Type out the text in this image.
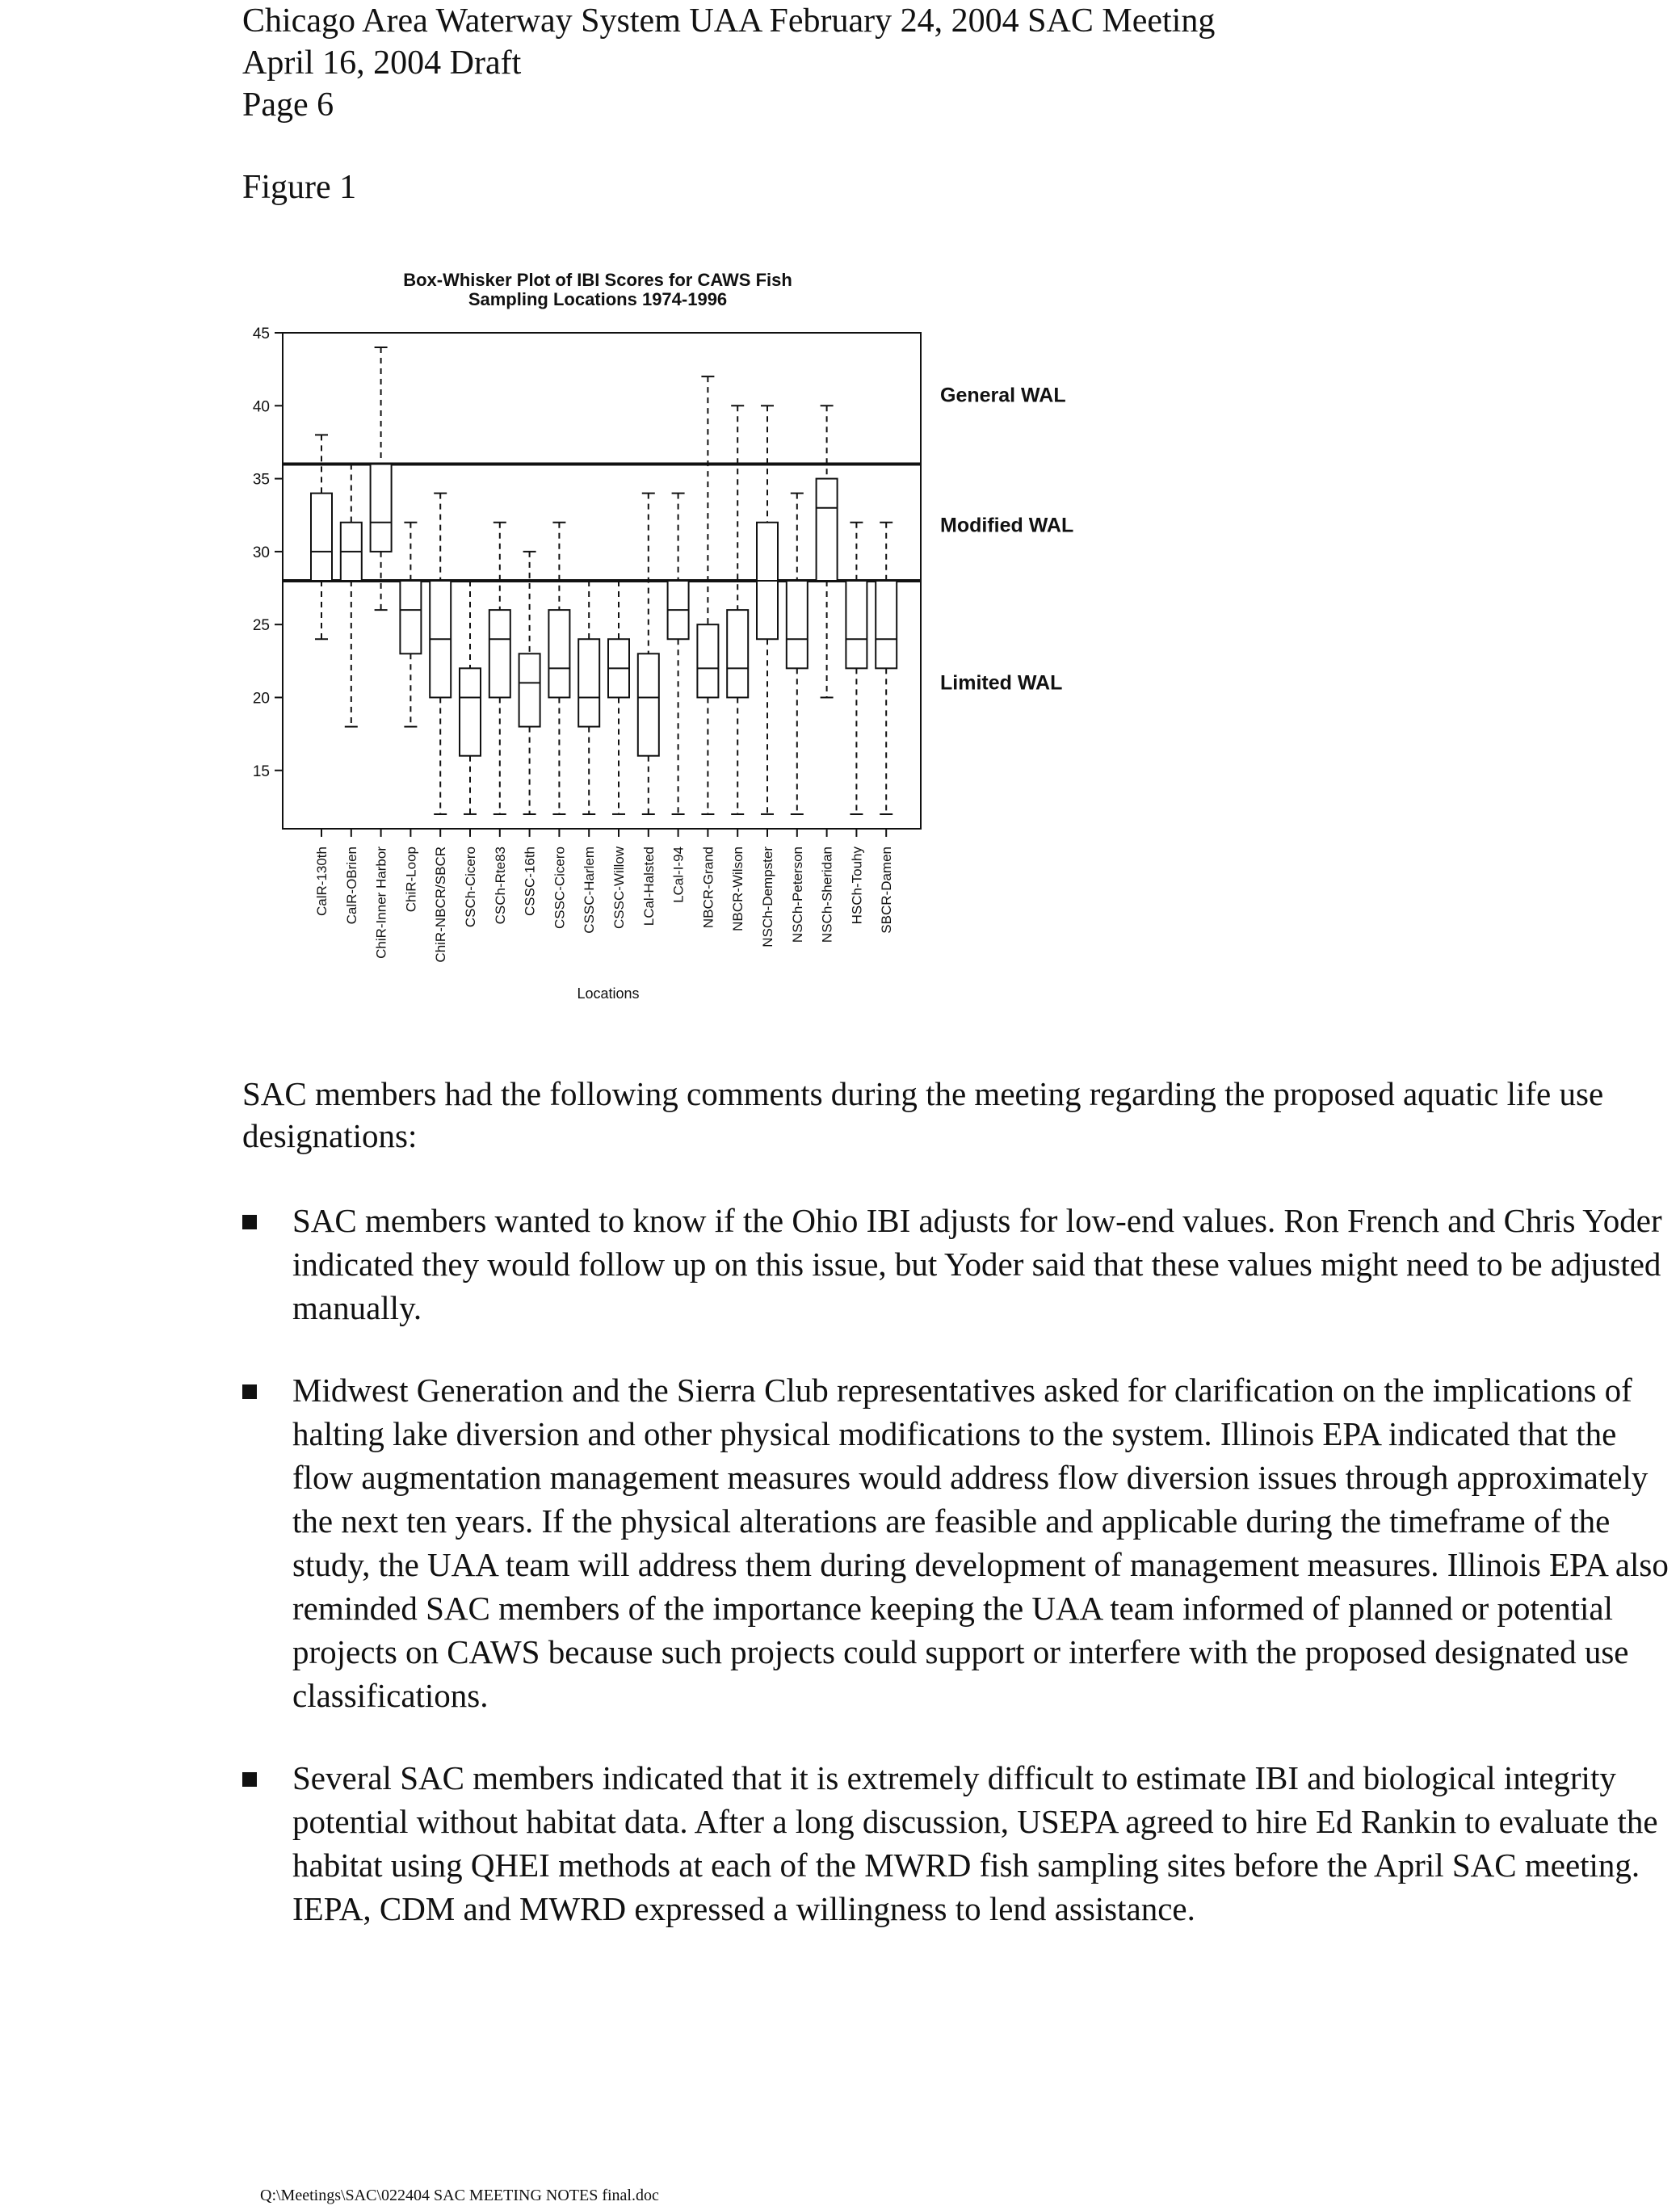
Chicago Area Waterway System UAA February 24, 2004 SAC Meeting
April 16, 2004 Draft
Page 6
Figure 1
Box-Whisker Plot of IBI Scores for CAWS Fish
Sampling Locations 1974-1996
15
20
25
30
35
40
45
General WAL
Modified WAL
Limited WAL
CalR-130th CalR-OBrien ChiR-Inner Harbor ChiR-Loop ChiR-NBCR/SBCR CSCh-Cicero CSCh-Rte83 CSSC-16th CSSC-Cicero CSSC-Harlem CSSC-Willow LCal-Halsted LCal-I-94 NBCR-Grand NBCR-Wilson NSCh-Dempster NSCh-Peterson NSCh-Sheridan HSCh-Touhy SBCR-Damen
Locations
SAC members had the following comments during the meeting regarding the proposed aquatic life use designations:
SAC members wanted to know if the Ohio IBI adjusts for low-end values. Ron French and Chris Yoder indicated they would follow up on this issue, but Yoder said that these values might need to be adjusted manually.
Midwest Generation and the Sierra Club representatives asked for clarification on the implications of halting lake diversion and other physical modifications to the system. Illinois EPA indicated that the flow augmentation management measures would address flow diversion issues through approximately the next ten years. If the physical alterations are feasible and applicable during the timeframe of the study, the UAA team will address them during development of management measures. Illinois EPA also reminded SAC members of the importance keeping the UAA team informed of planned or potential projects on CAWS because such projects could support or interfere with the proposed designated use classifications.
Several SAC members indicated that it is extremely difficult to estimate IBI and biological integrity potential without habitat data. After a long discussion, USEPA agreed to hire Ed Rankin to evaluate the habitat using QHEI methods at each of the MWRD fish sampling sites before the April SAC meeting. IEPA, CDM and MWRD expressed a willingness to lend assistance.
Q:\Meetings\SAC\022404 SAC MEETING NOTES final.doc
